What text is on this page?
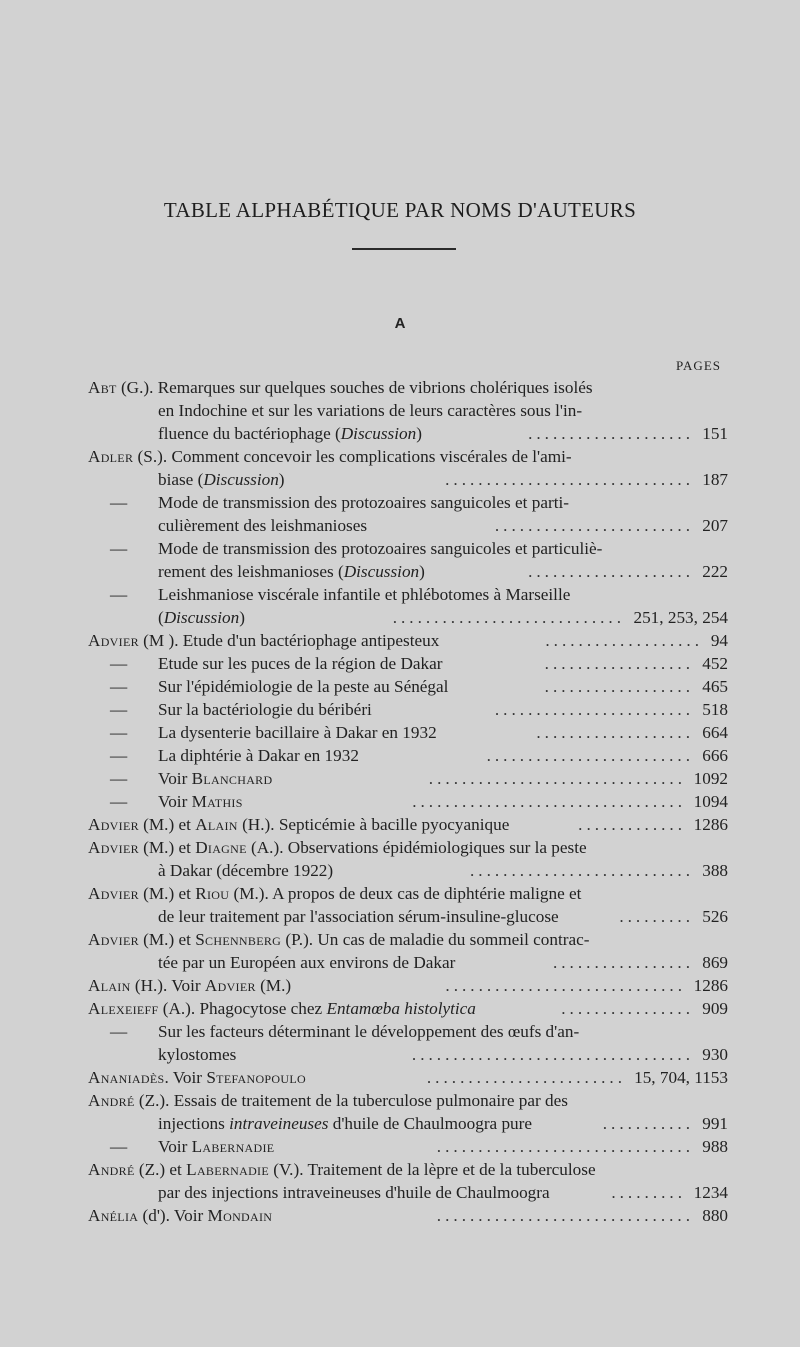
TABLE ALPHABÉTIQUE PAR NOMS D'AUTEURS
A
PAGES
Abt (G.). Remarques sur quelques souches de vibrions cholériques isolés
en Indochine et sur les variations de leurs caractères sous l'in-
fluence du bactériophage (Discussion)	151
....................
Adler (S.). Comment concevoir les complications viscérales de l'ami-
biase (Discussion)	187
..............................
— Mode de transmission des protozoaires sanguicoles et parti-
culièrement des leishmanioses	207
........................
— Mode de transmission des protozoaires sanguicoles et particuliè-
rement des leishmanioses (Discussion)	222
....................
— Leishmaniose viscérale infantile et phlébotomes à Marseille
(Discussion)	251, 253, 254
............................
Advier (M ). Etude d'un bactériophage antipesteux	94
...................
— Etude sur les puces de la région de Dakar	452
..................
— Sur l'épidémiologie de la peste au Sénégal	465
..................
— Sur la bactériologie du béribéri	518
........................
— La dysenterie bacillaire à Dakar en 1932	664
...................
— La diphtérie à Dakar en 1932	666
.........................
— Voir Blanchard	1092
...............................
— Voir Mathis	1094
.................................
Advier (M.) et Alain (H.). Septicémie à bacille pyocyanique	1286
.............
Advier (M.) et Diagne (A.). Observations épidémiologiques sur la peste
à Dakar (décembre 1922)	388
...........................
Advier (M.) et Riou (M.). A propos de deux cas de diphtérie maligne et
de leur traitement par l'association sérum-insuline-glucose	526
.........
Advier (M.) et Schennberg (P.). Un cas de maladie du sommeil contrac-
tée par un Européen aux environs de Dakar	869
.................
Alain (H.). Voir Advier (M.)	1286
.............................
Alexeieff (A.). Phagocytose chez Entamœba histolytica	909
................
— Sur les facteurs déterminant le développement des œufs d'an-
kylostomes	930
..................................
Ananiadès. Voir Stefanopoulo	15, 704, 1153
........................
André (Z.). Essais de traitement de la tuberculose pulmonaire par des
injections intraveineuses d'huile de Chaulmoogra pure	991
...........
— Voir Labernadie	988
...............................
André (Z.) et Labernadie (V.). Traitement de la lèpre et de la tuberculose
par des injections intraveineuses d'huile de Chaulmoogra	1234
.........
Anélia (d'). Voir Mondain	880
...............................
